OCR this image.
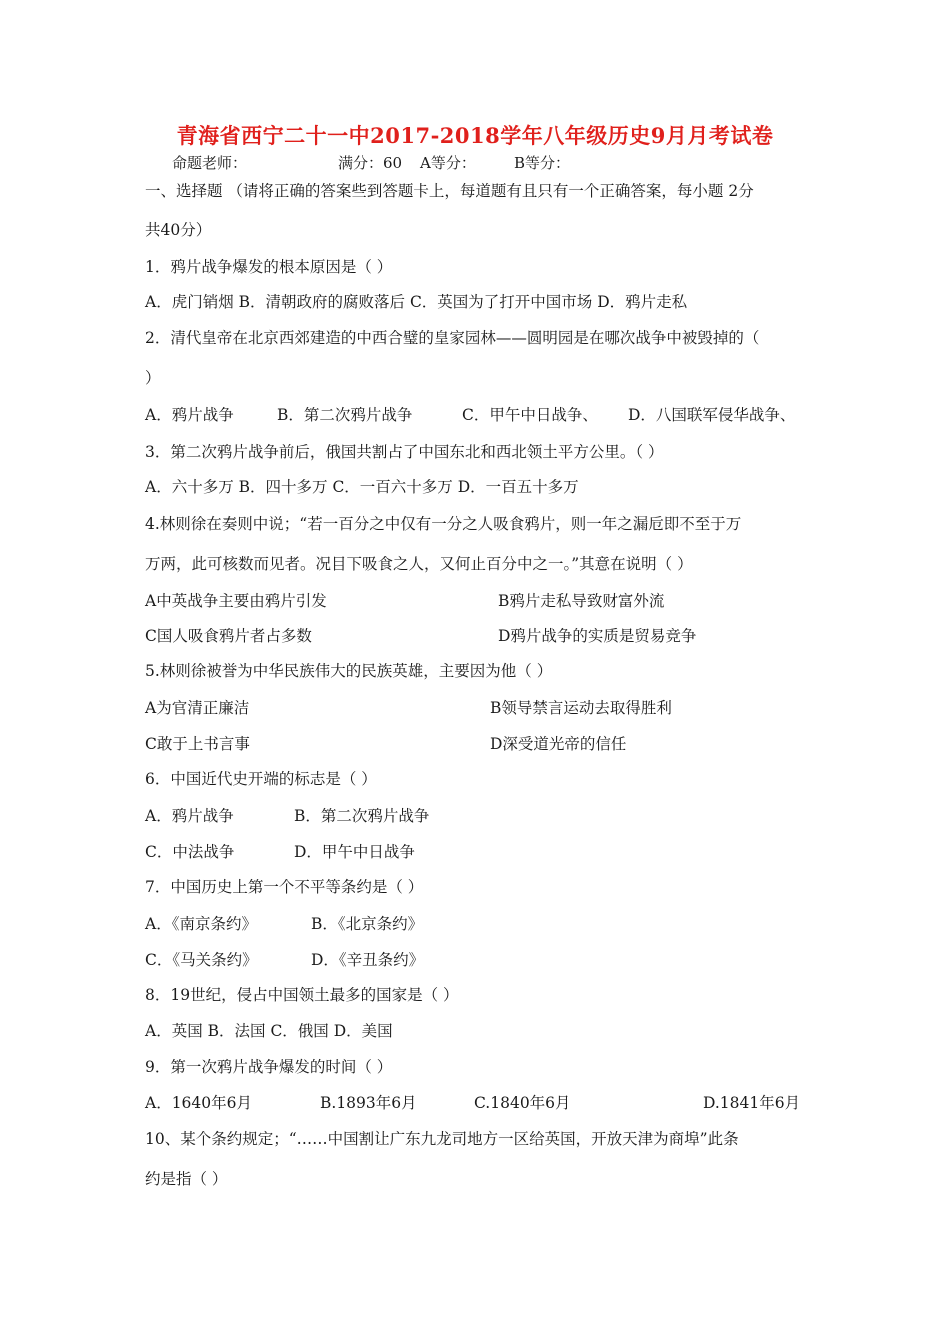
青海省西宁二十一中2017-2018学年八年级历史9月月考试卷
命题老师：	满分：60 A等分：	B等分：
一、选择题 （请将正确的答案些到答题卡上，每道题有且只有一个正确答案，每小题 2分
共40分）
1．鸦片战争爆发的根本原因是（ ）
A．虎门销烟 B．清朝政府的腐败落后 C．英国为了打开中国市场 D．鸦片走私
2．清代皇帝在北京西郊建造的中西合璧的皇家园林——圆明园是在哪次战争中被毁掉的（
）
A．鸦片战争	B．第二次鸦片战争	C．甲午中日战争、 D．八国联军侵华战争、
3．第二次鸦片战争前后，俄国共割占了中国东北和西北领土平方公里。（ ）
A．六十多万 B．四十多万 C．一百六十多万 D．一百五十多万
4.林则徐在奏则中说；“若一百分之中仅有一分之人吸食鸦片，则一年之漏卮即不至于万
万两，此可核数而见者。况目下吸食之人，又何止百分中之一。”其意在说明（ ）
A中英战争主要由鸦片引发	B鸦片走私导致财富外流
C国人吸食鸦片者占多数	D鸦片战争的实质是贸易竞争
5.林则徐被誉为中华民族伟大的民族英雄，主要因为他（ ）
A为官清正廉洁	B领导禁言运动去取得胜利
C敢于上书言事	D深受道光帝的信任
6．中国近代史开端的标志是（ ）
A．鸦片战争	B．第二次鸦片战争
C．中法战争	D．甲午中日战争
7．中国历史上第一个不平等条约是（ ）
A．《南京条约》	B．《北京条约》
C．《马关条约》	D．《辛丑条约》
8．19世纪，侵占中国领土最多的国家是（ ）
A．英国 B．法国 C．俄国 D．美国
9．第一次鸦片战争爆发的时间（ ）
A．1640年6月	B.1893年6月	C.1840年6月	D.1841年6月
10、某个条约规定；“……中国割让广东九龙司地方一区给英国，开放天津为商埠”此条
约是指（ ）
